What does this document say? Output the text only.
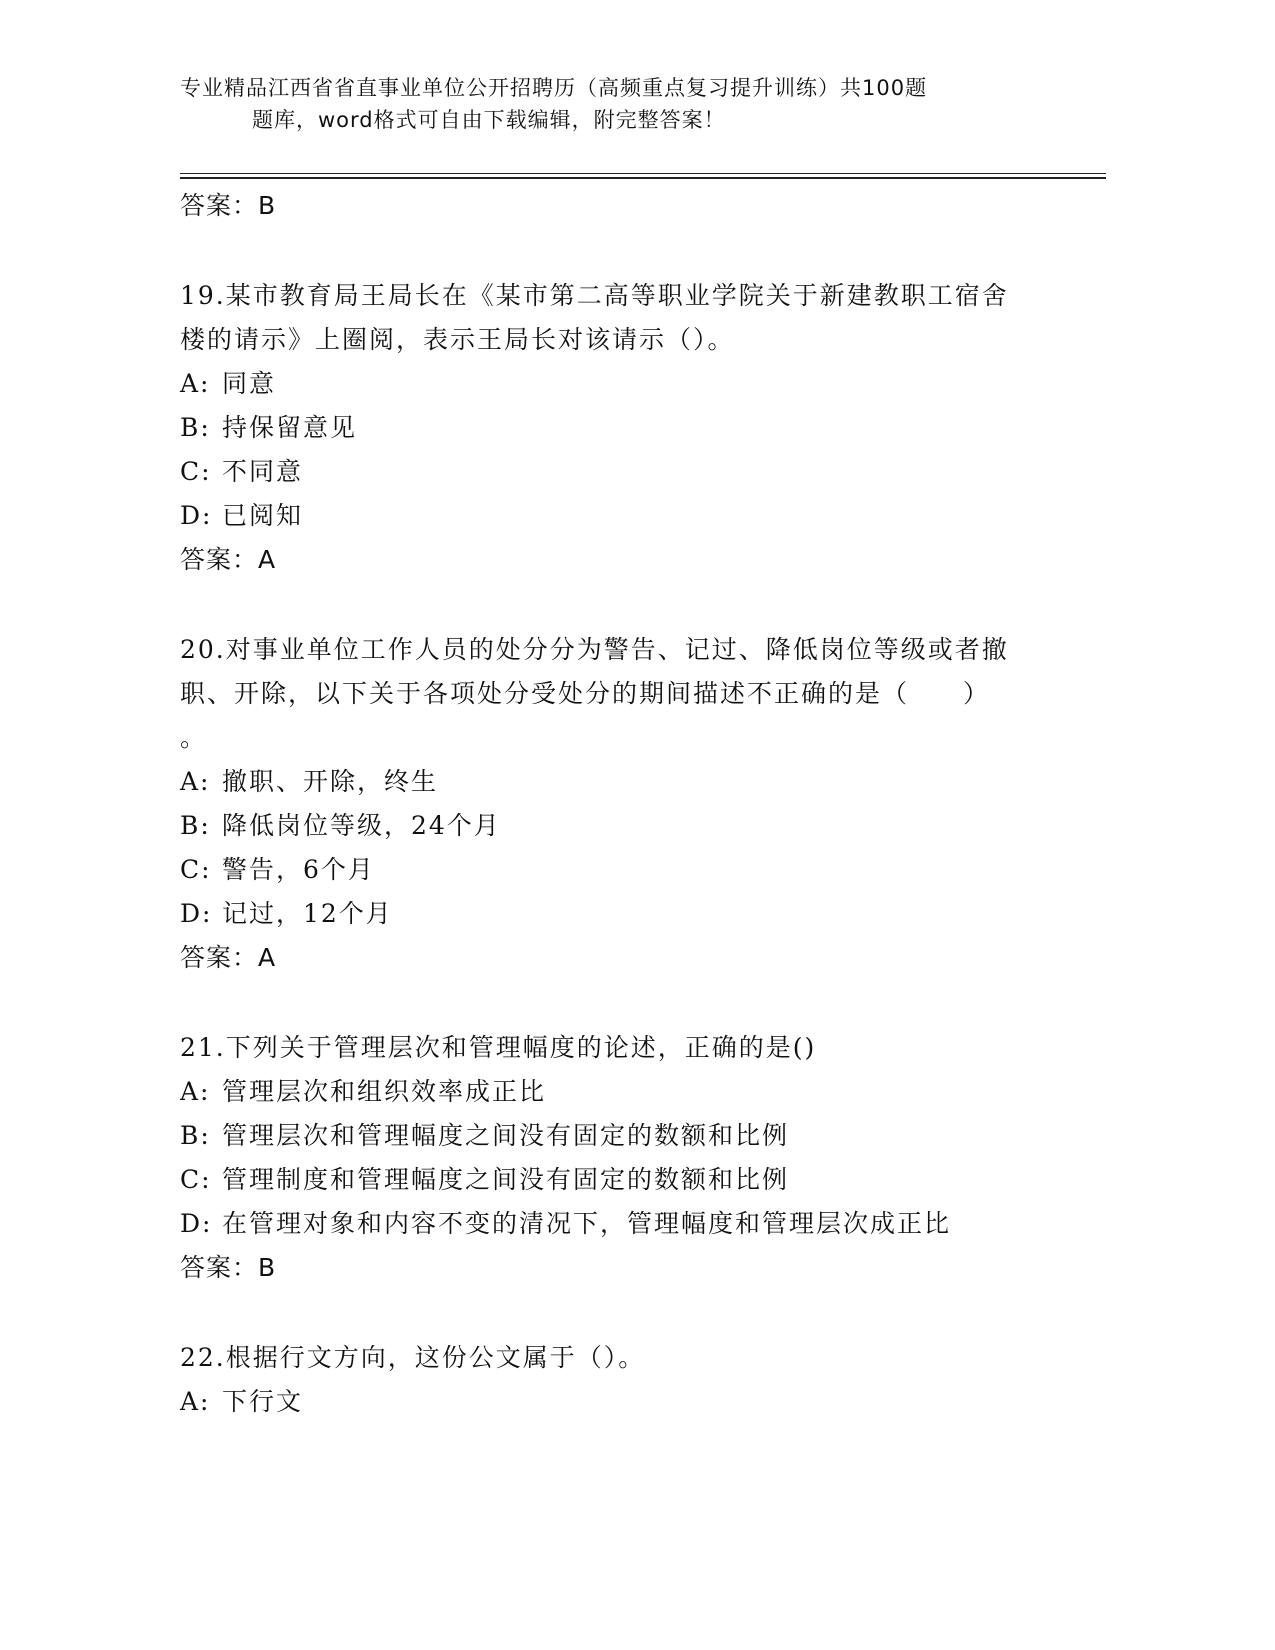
专业精品江西省省直事业单位公开招聘历（高频重点复习提升训练）共100题
题库，word格式可自由下载编辑，附完整答案！
答案：B
19.某市教育局王局长在《某市第二高等职业学院关于新建教职工宿舍
楼的请示》上圈阅，表示王局长对该请示（）。
A: 同意
B: 持保留意见
C: 不同意
D: 已阅知
答案：A
20.对事业单位工作人员的处分分为警告、记过、降低岗位等级或者撤
职、开除，以下关于各项处分受处分的期间描述不正确的是（　　）
。
A: 撤职、开除，终生
B: 降低岗位等级，24个月
C: 警告，6个月
D: 记过，12个月
答案：A
21.下列关于管理层次和管理幅度的论述，正确的是()
A: 管理层次和组织效率成正比
B: 管理层次和管理幅度之间没有固定的数额和比例
C: 管理制度和管理幅度之间没有固定的数额和比例
D: 在管理对象和内容不变的清况下，管理幅度和管理层次成正比
答案：B
22.根据行文方向，这份公文属于（）。
A: 下行文
